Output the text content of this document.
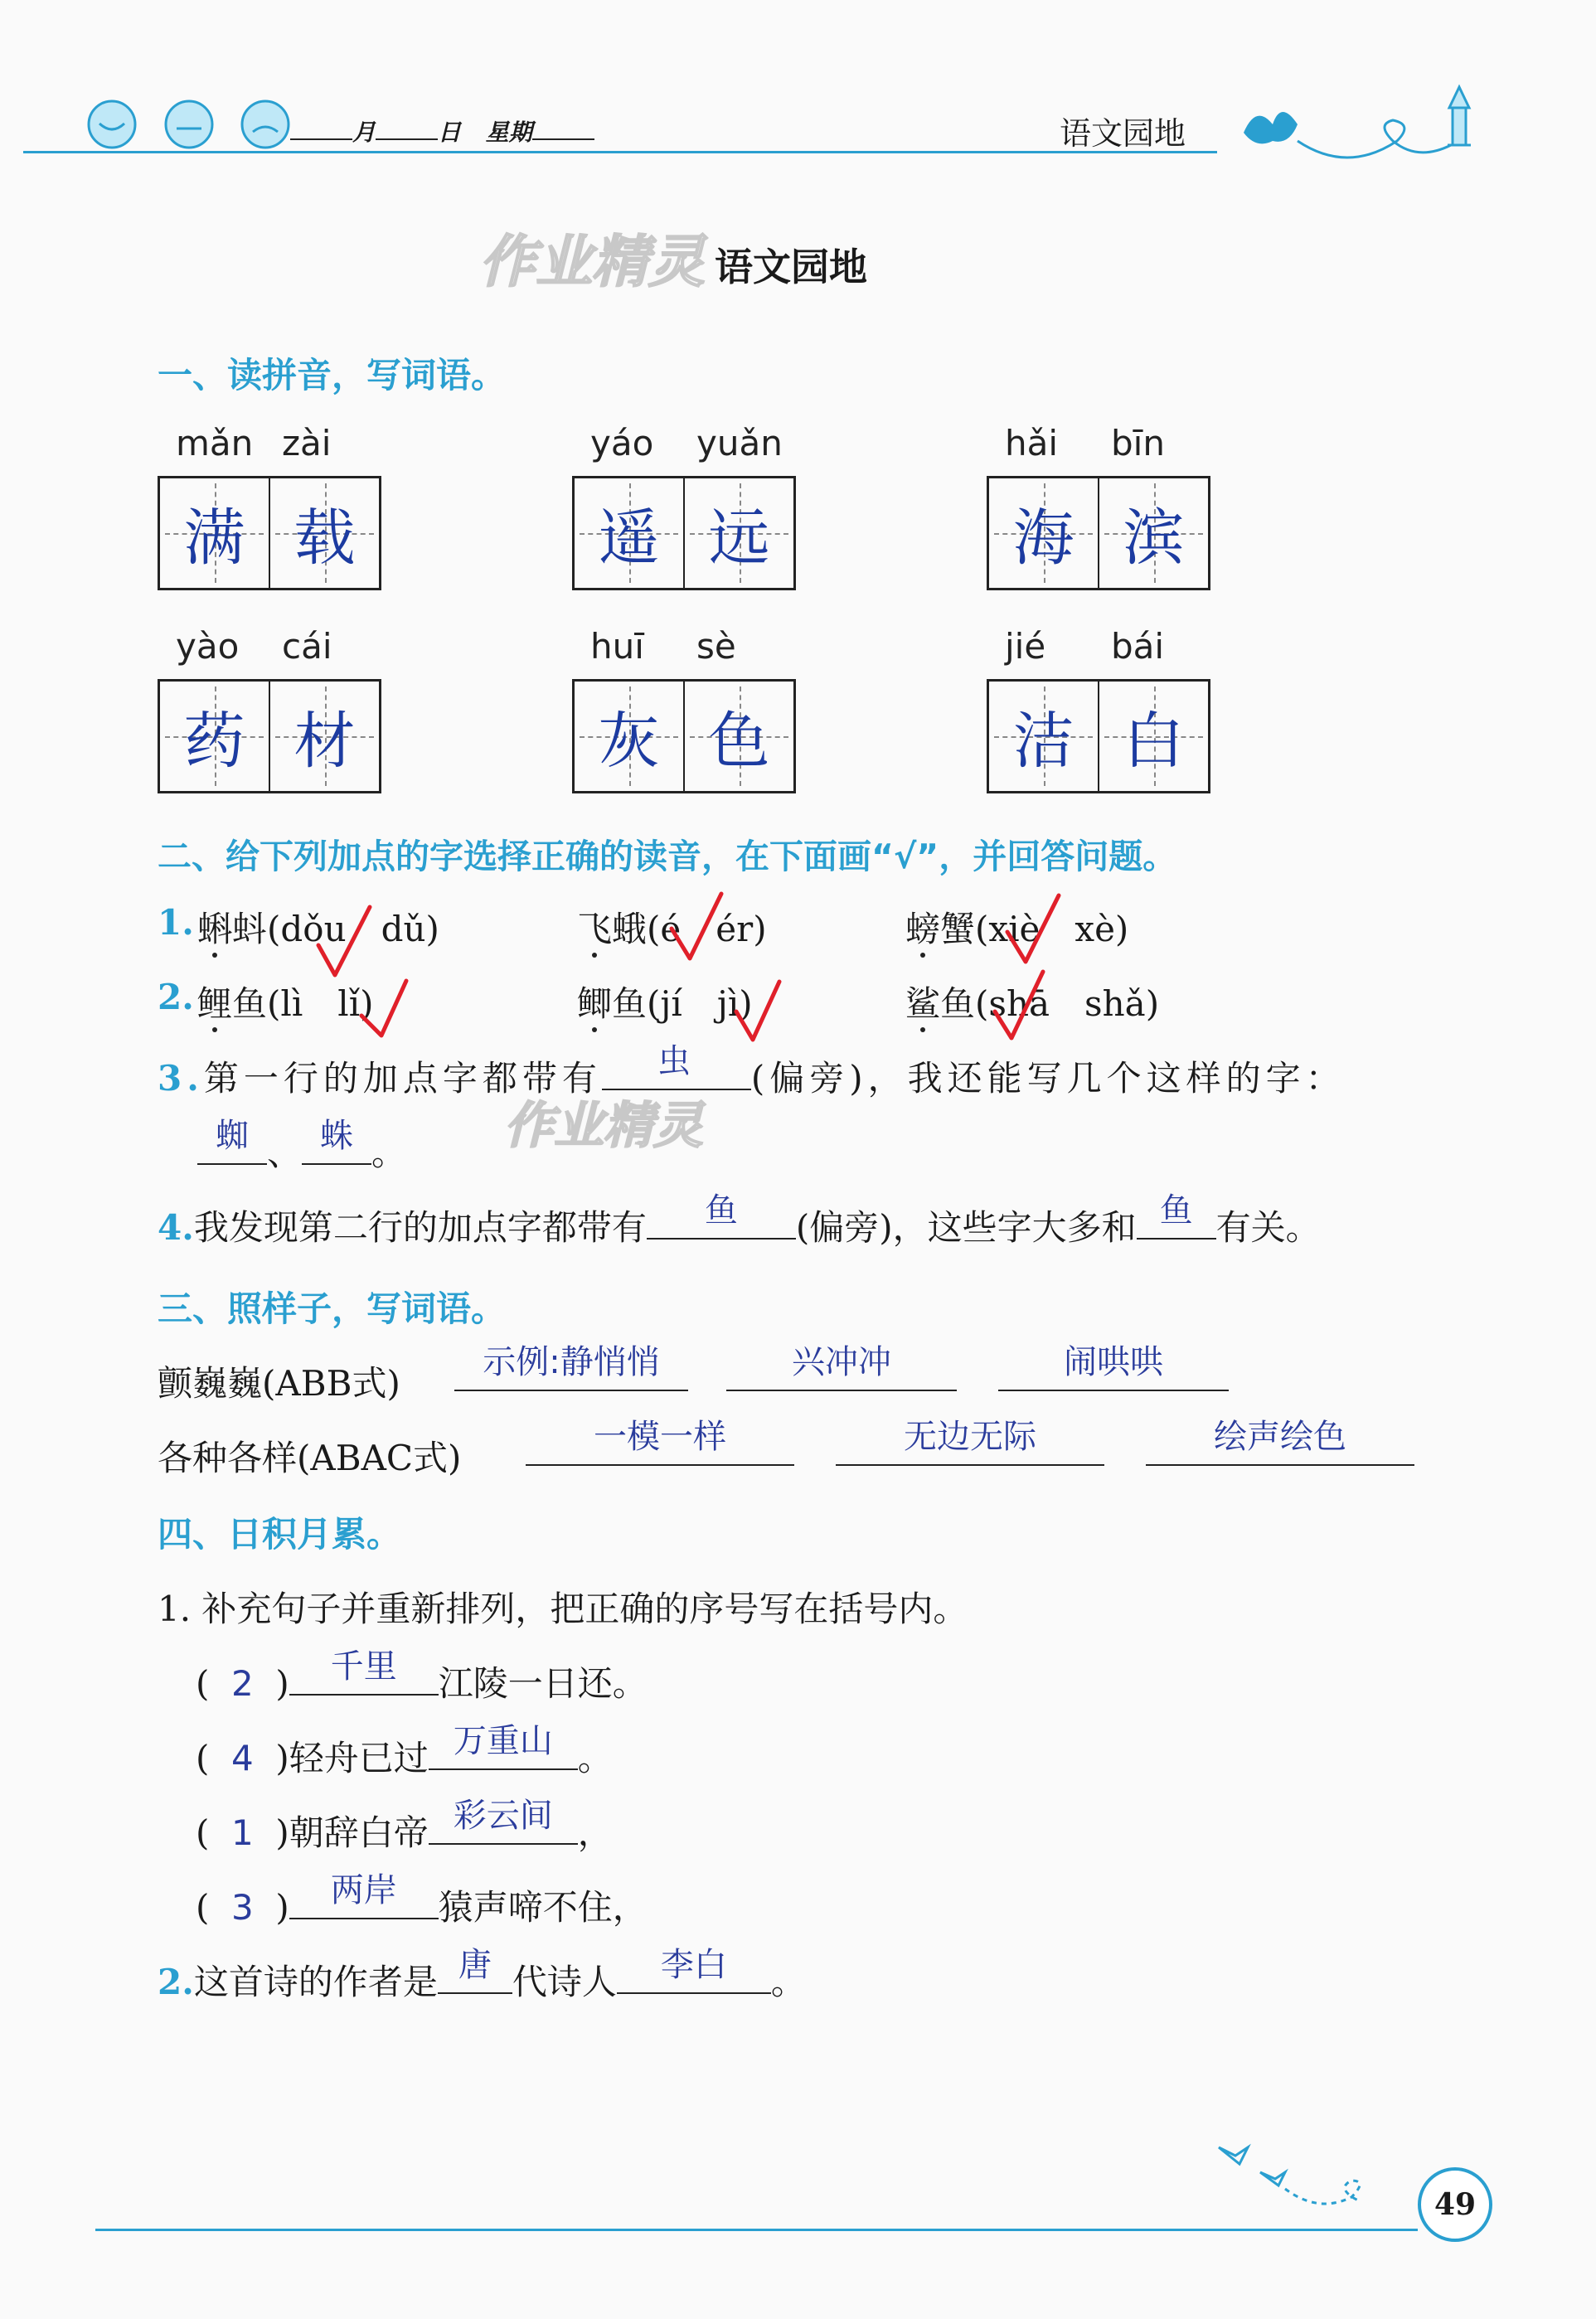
月	日 星期	语文园地
作业精灵 语文园地
一、读拼音，写词语。
mǎn zài
满 载
yáo yuǎn
遥 远
hǎi bīn
海 滨
yào cái
药 材
huī sè
灰 色
jié bái
洁 白
二、给下列加点的字选择正确的读音，在下面画“√”，并回答问题。
1. 蝌蚪(dǒu　dǔ)	飞蛾(é　ér)	螃蟹(xiè　xè)
2. 鲤鱼(lì　lǐ)	鲫鱼(jí　jì)	鲨鱼(shā　shǎ)
3.第一行的加点字都带有	虫	(偏旁)，我还能写几个这样的字：
作业精灵
蜘 、 蛛 。
4.我发现第二行的加点字都带有	鱼	(偏旁)，这些字大多和 鱼 有关。
三、照样子，写词语。
颤巍巍(ABB式)
示例:静悄悄	兴冲冲	闹哄哄
各种各样(ABAC式)
一模一样	无边无际	绘声绘色
四、日积月累。
1. 补充句子并重新排列，把正确的序号写在括号内。
( 2 )	千里	江陵一日还。
( 4 )轻舟已过 万重山 。
( 1 )朝辞白帝 彩云间 ，
( 3 )	两岸	猿声啼不住，
2.这首诗的作者是 唐 代诗人	李白	。
49
